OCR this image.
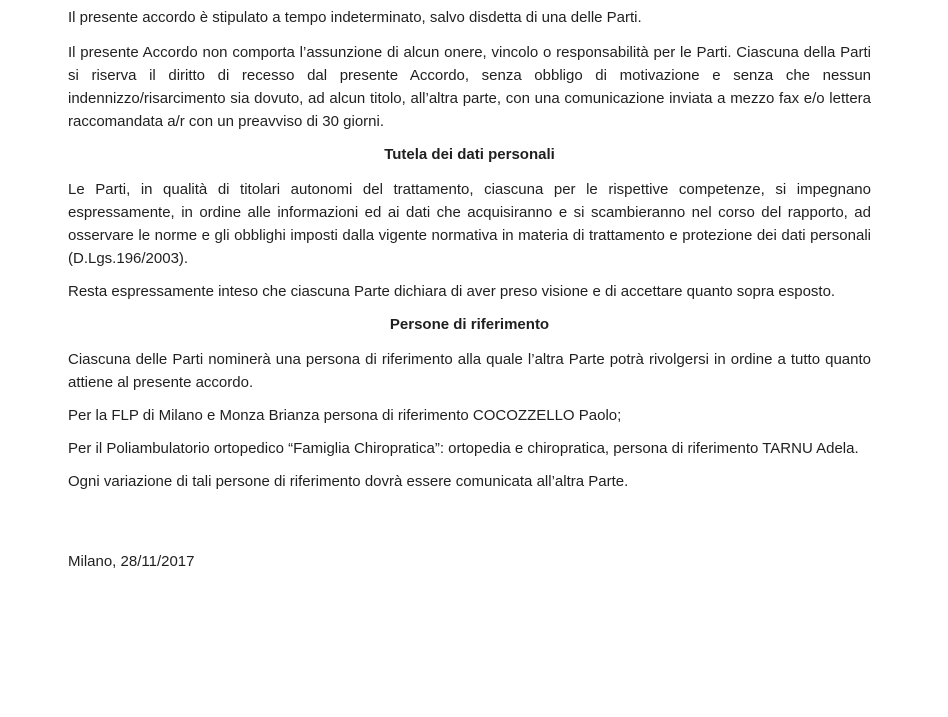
Il presente accordo è stipulato a tempo indeterminato, salvo disdetta di una delle Parti.

Il presente Accordo non comporta l’assunzione di alcun onere, vincolo o responsabilità per le Parti. Ciascuna della Parti si riserva il diritto di recesso dal presente Accordo, senza obbligo di motivazione e senza che nessun indennizzo/risarcimento sia dovuto, ad alcun titolo, all’altra parte, con una comunicazione inviata a mezzo fax e/o lettera raccomandata a/r con un preavviso di 30 giorni.

Tutela dei dati personali

Le Parti, in qualità di titolari autonomi del trattamento, ciascuna per le rispettive competenze, si impegnano espressamente, in ordine alle informazioni ed ai dati che acquisiranno e si scambieranno nel corso del rapporto, ad osservare le norme e gli obblighi imposti dalla vigente normativa in materia di trattamento e protezione dei dati personali (D.Lgs.196/2003).

Resta espressamente inteso che ciascuna Parte dichiara di aver preso visione e di accettare quanto sopra esposto.

Persone di riferimento

Ciascuna delle Parti nominerà una persona di riferimento alla quale l’altra Parte potrà rivolgersi in ordine a tutto quanto attiene al presente accordo.

Per la FLP di Milano e Monza Brianza persona di riferimento COCOZZELLO Paolo;

Per il Poliambulatorio ortopedico “Famiglia Chiropratica”: ortopedia e chiropratica, persona di riferimento TARNU Adela.

Ogni variazione di tali persone di riferimento dovrà essere comunicata all’altra Parte.

Milano, 28/11/2017
